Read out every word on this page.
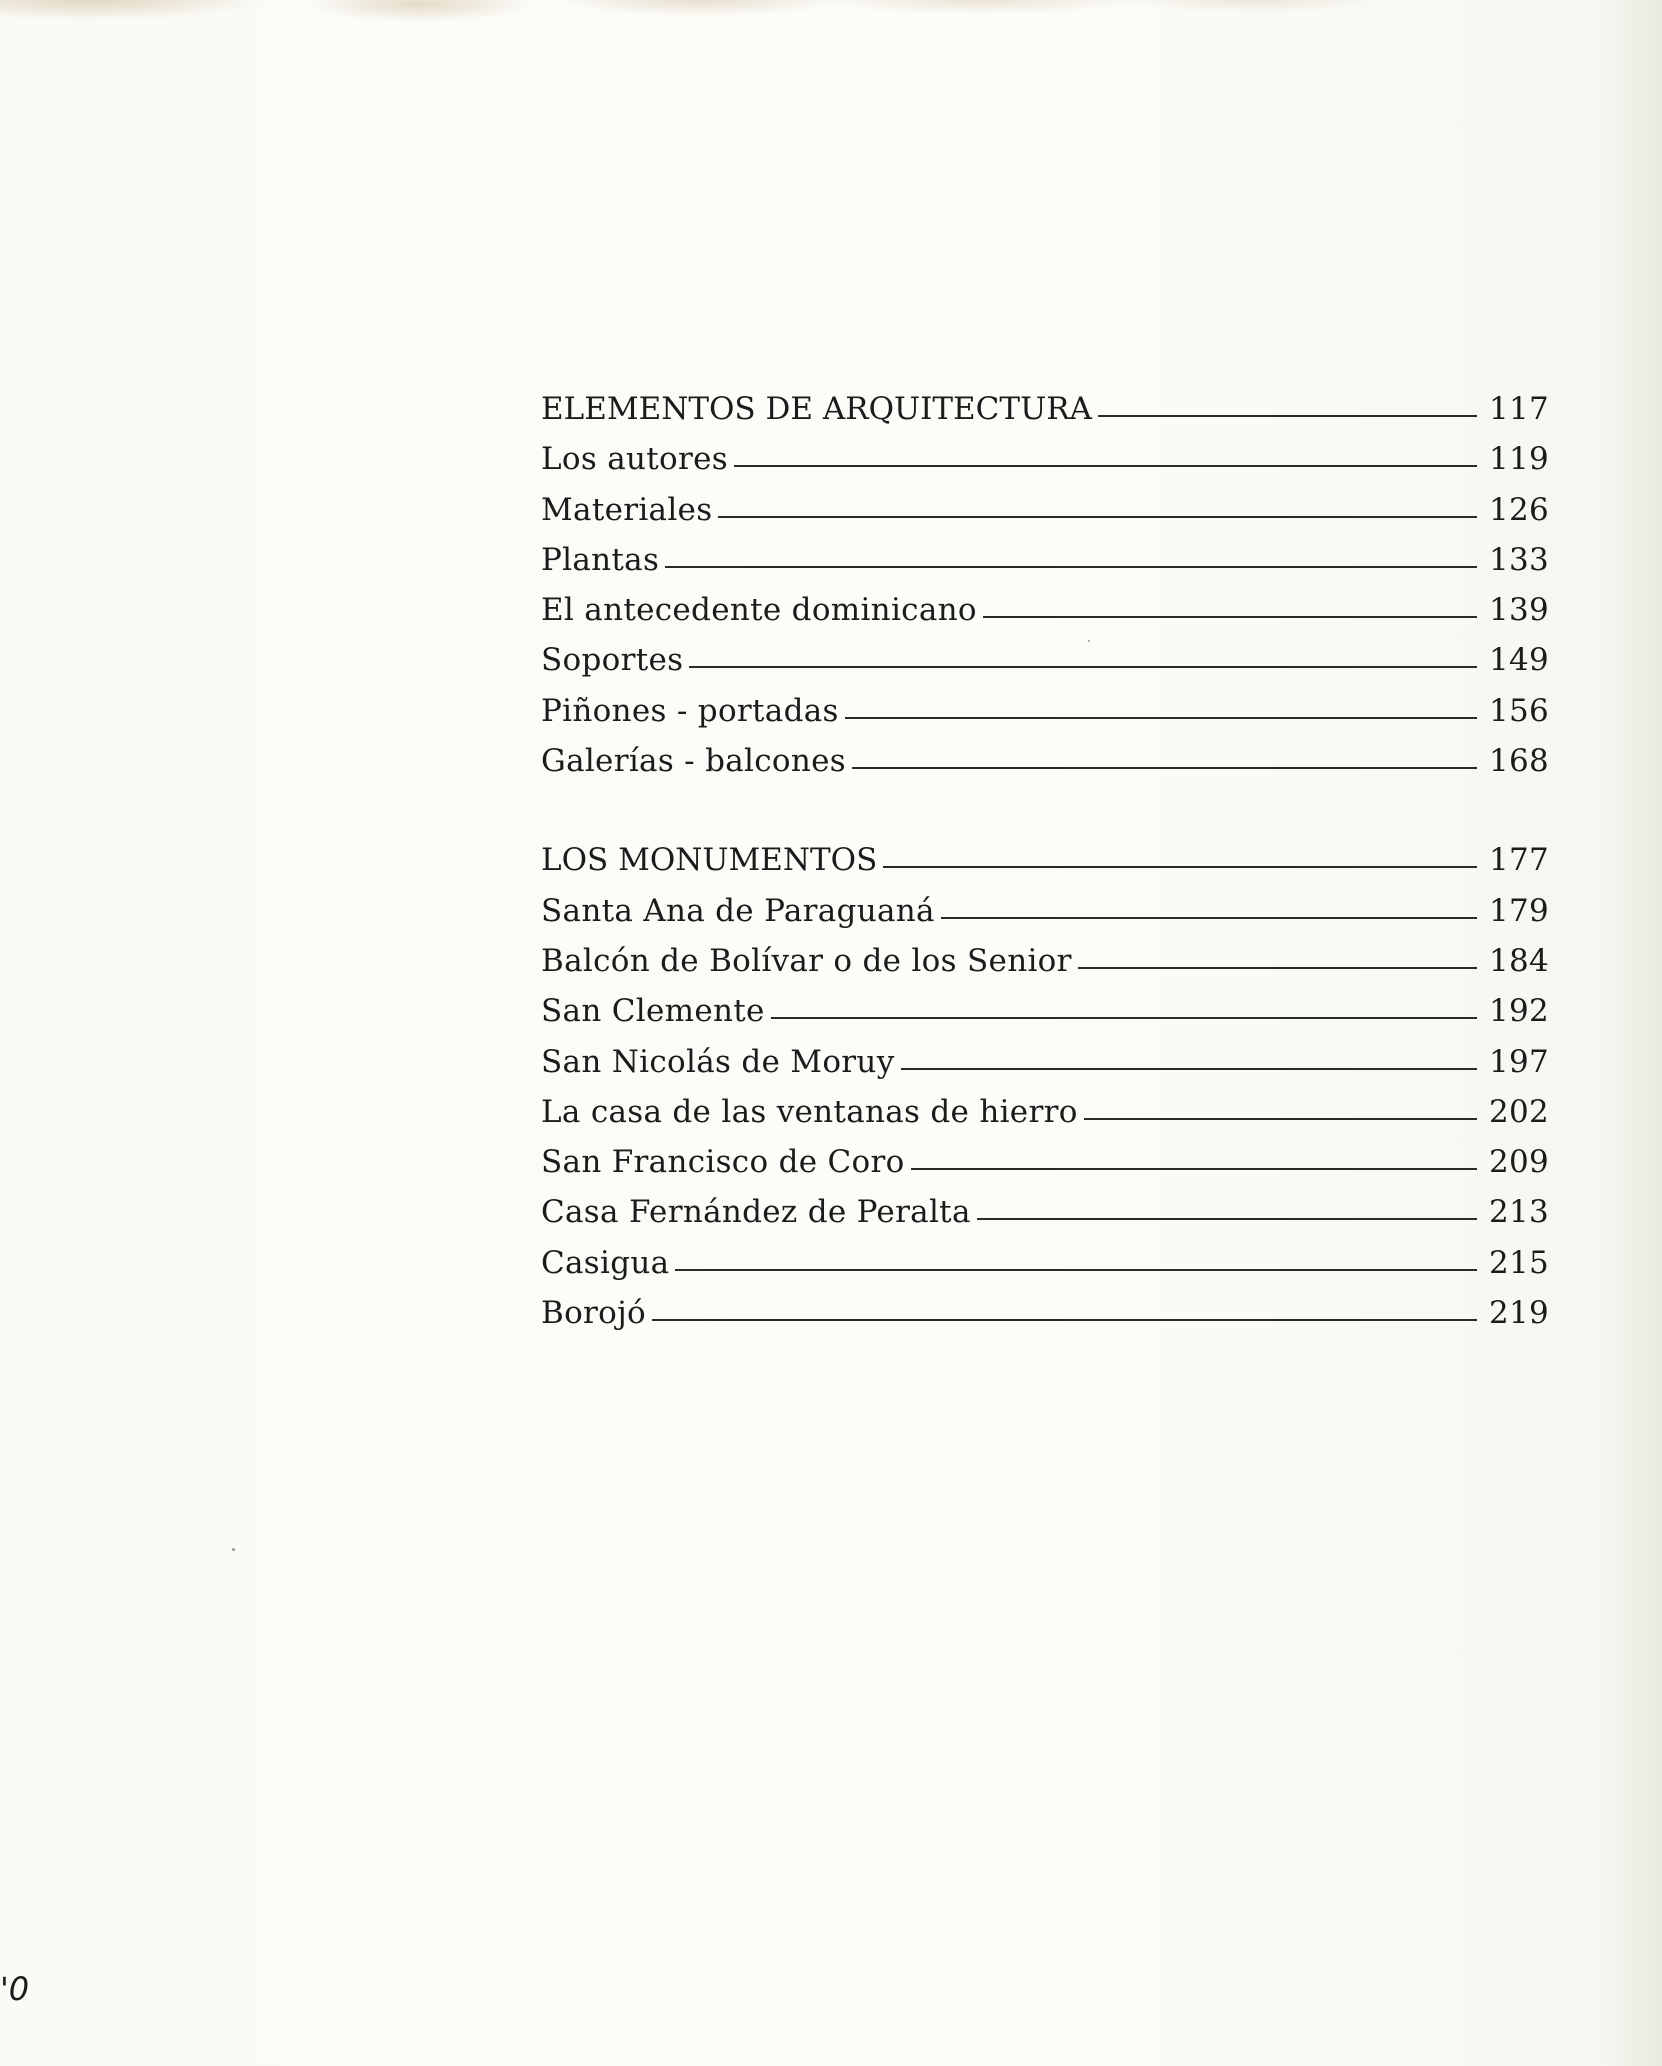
ELEMENTOS DE ARQUITECTURA	117
Los autores	119
Materiales	126
Plantas	133
El antecedente dominicano	139
Soportes	149
Piñones - portadas	156
Galerías - balcones	168
LOS MONUMENTOS	177
Santa Ana de Paraguaná	179
Balcón de Bolívar o de los Senior	184
San Clemente	192
San Nicolás de Moruy	197
La casa de las ventanas de hierro	202
San Francisco de Coro	209
Casa Fernández de Peralta	213
Casigua	215
Borojó	219
'0
